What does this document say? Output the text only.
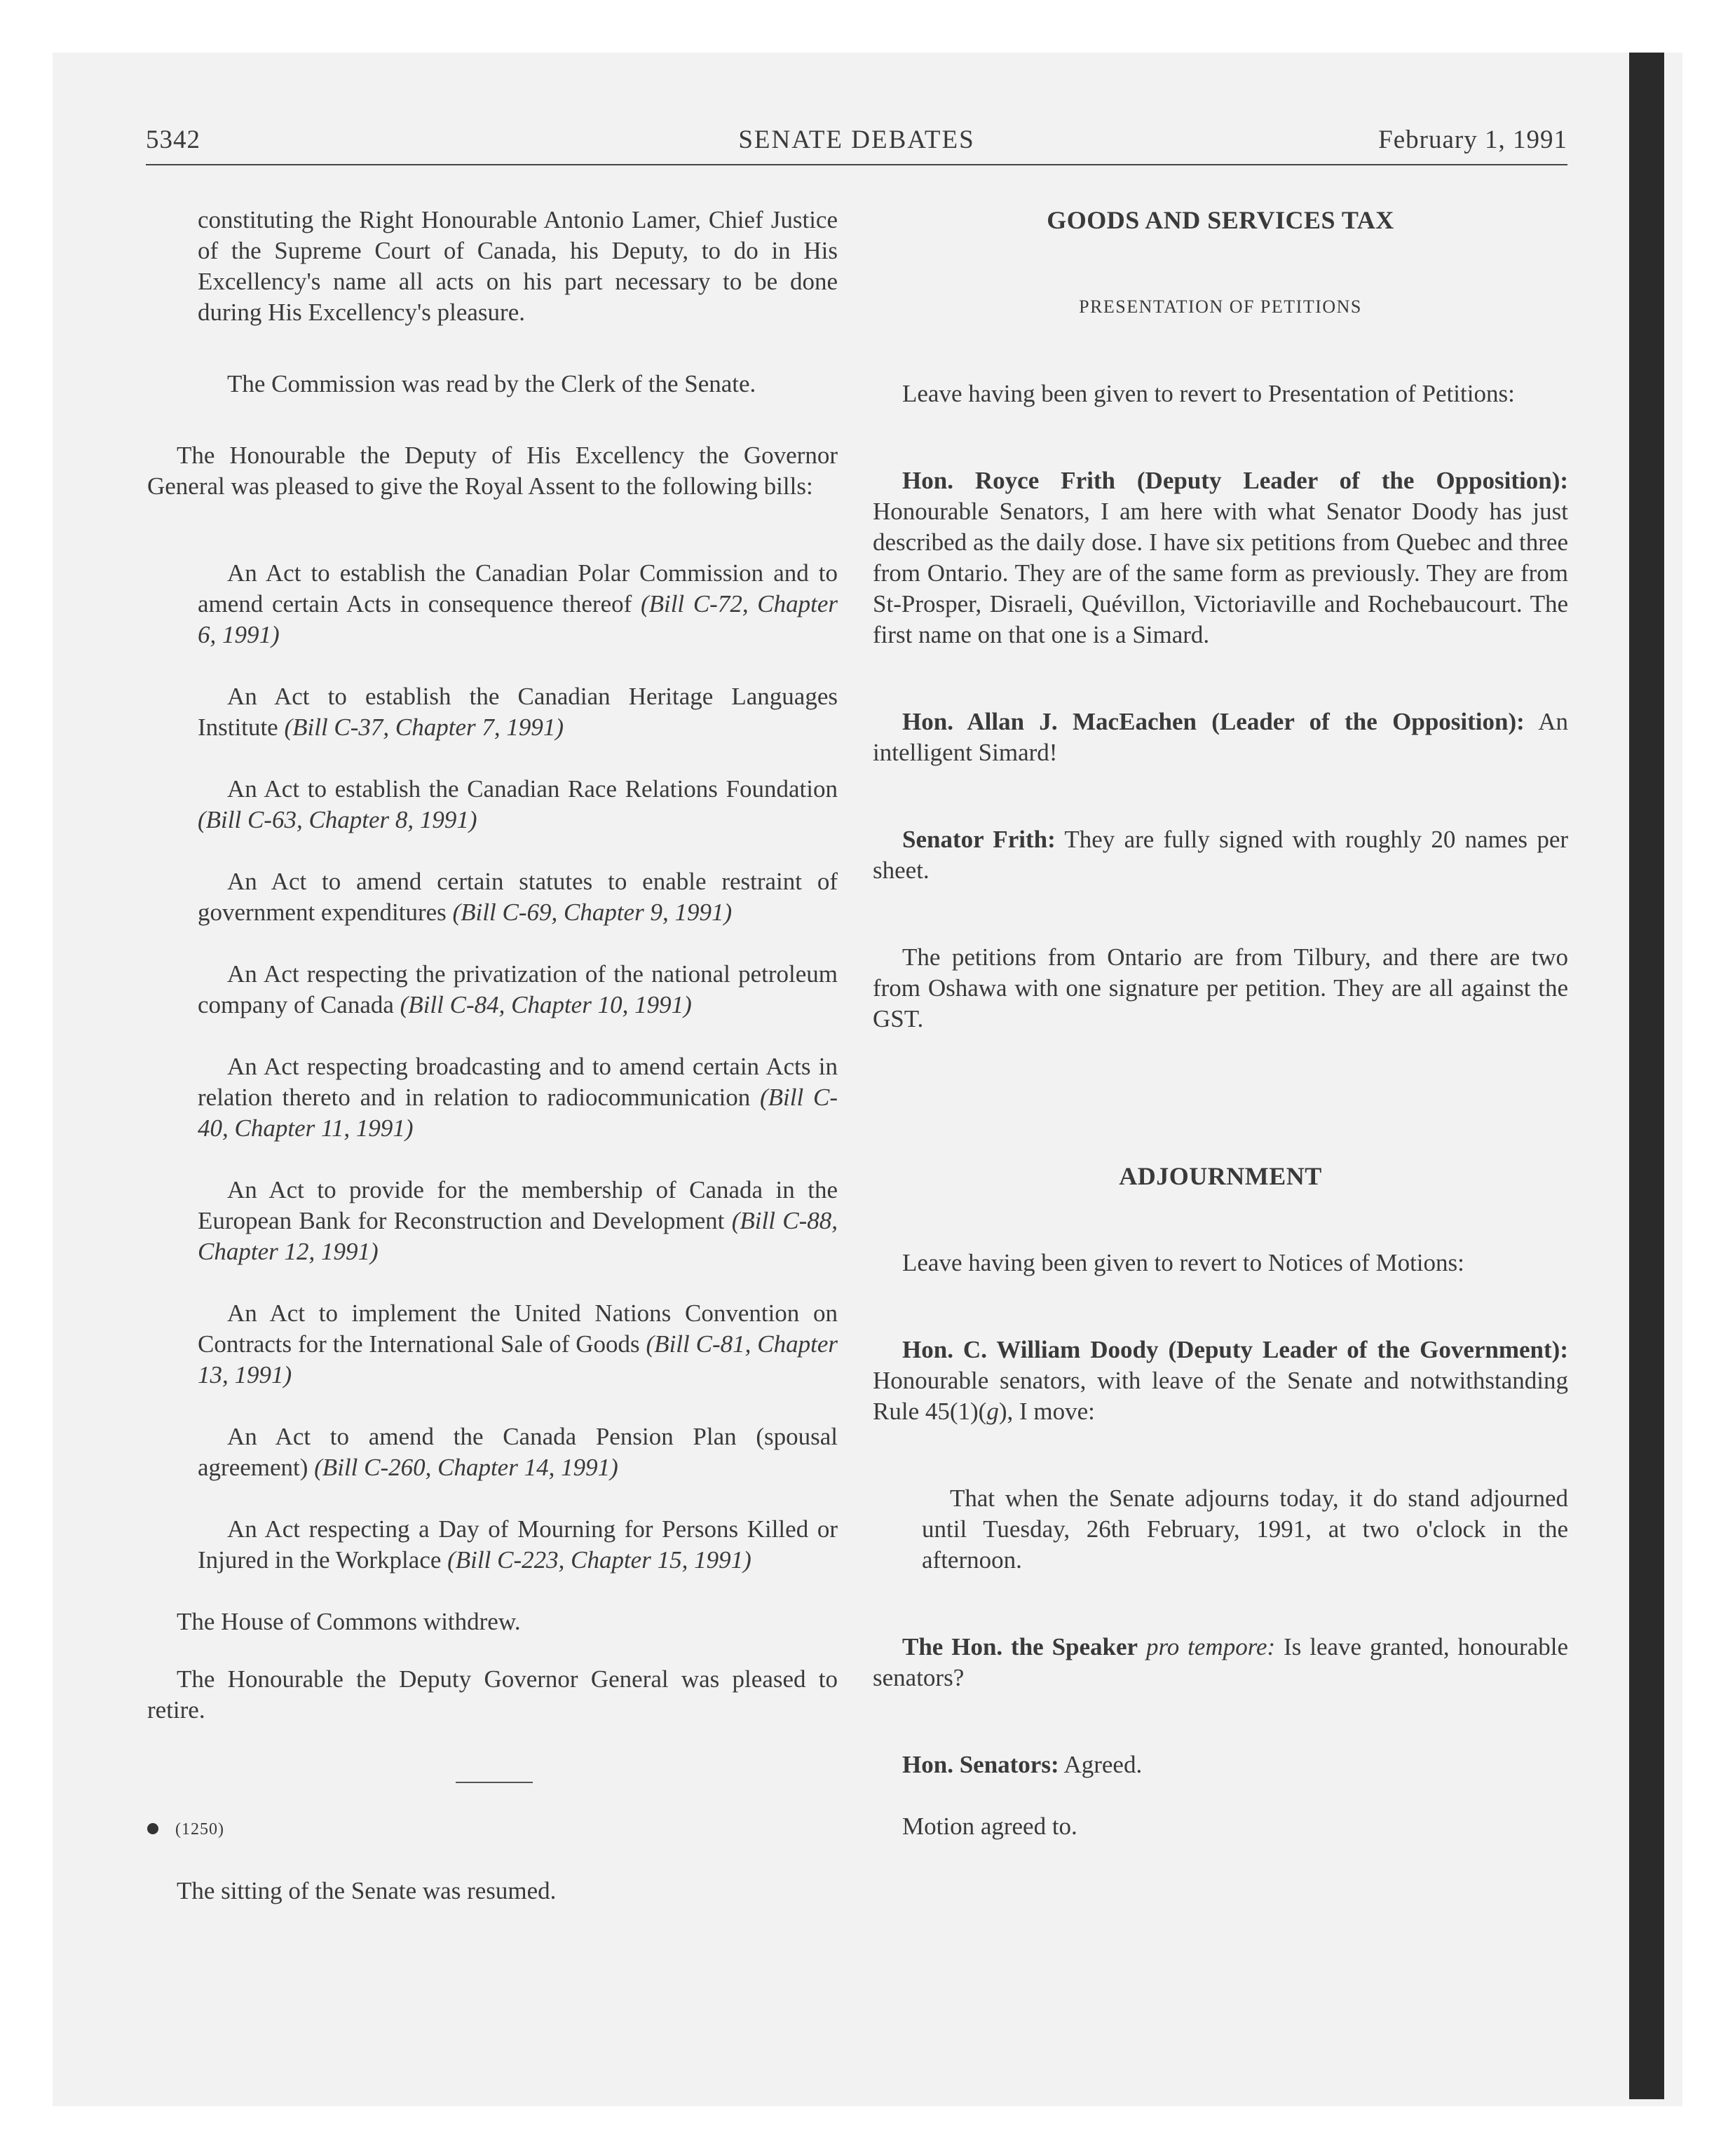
5342	SENATE DEBATES	February 1, 1991

constituting the Right Honourable Antonio Lamer, Chief Justice of the Supreme Court of Canada, his Deputy, to do in His Excellency's name all acts on his part necessary to be done during His Excellency's pleasure.

The Commission was read by the Clerk of the Senate.

The Honourable the Deputy of His Excellency the Governor General was pleased to give the Royal Assent to the following bills:

An Act to establish the Canadian Polar Commission and to amend certain Acts in consequence thereof (Bill C-72, Chapter 6, 1991)

An Act to establish the Canadian Heritage Languages Institute (Bill C-37, Chapter 7, 1991)

An Act to establish the Canadian Race Relations Foundation (Bill C-63, Chapter 8, 1991)

An Act to amend certain statutes to enable restraint of government expenditures (Bill C-69, Chapter 9, 1991)

An Act respecting the privatization of the national petroleum company of Canada (Bill C-84, Chapter 10, 1991)

An Act respecting broadcasting and to amend certain Acts in relation thereto and in relation to radiocommunication (Bill C-40, Chapter 11, 1991)

An Act to provide for the membership of Canada in the European Bank for Reconstruction and Development (Bill C-88, Chapter 12, 1991)

An Act to implement the United Nations Convention on Contracts for the International Sale of Goods (Bill C-81, Chapter 13, 1991)

An Act to amend the Canada Pension Plan (spousal agreement) (Bill C-260, Chapter 14, 1991)

An Act respecting a Day of Mourning for Persons Killed or Injured in the Workplace (Bill C-223, Chapter 15, 1991)

The House of Commons withdrew.

The Honourable the Deputy Governor General was pleased to retire.

(1250)

The sitting of the Senate was resumed.

GOODS AND SERVICES TAX

PRESENTATION OF PETITIONS

Leave having been given to revert to Presentation of Petitions:

Hon. Royce Frith (Deputy Leader of the Opposition): Honourable Senators, I am here with what Senator Doody has just described as the daily dose. I have six petitions from Quebec and three from Ontario. They are of the same form as previously. They are from St-Prosper, Disraeli, Quévillon, Victoriaville and Rochebaucourt. The first name on that one is a Simard.

Hon. Allan J. MacEachen (Leader of the Opposition): An intelligent Simard!

Senator Frith: They are fully signed with roughly 20 names per sheet.

The petitions from Ontario are from Tilbury, and there are two from Oshawa with one signature per petition. They are all against the GST.

ADJOURNMENT

Leave having been given to revert to Notices of Motions:

Hon. C. William Doody (Deputy Leader of the Government): Honourable senators, with leave of the Senate and notwithstanding Rule 45(1)(g), I move:

That when the Senate adjourns today, it do stand adjourned until Tuesday, 26th February, 1991, at two o'clock in the afternoon.

The Hon. the Speaker pro tempore: Is leave granted, honourable senators?

Hon. Senators: Agreed.

Motion agreed to.
